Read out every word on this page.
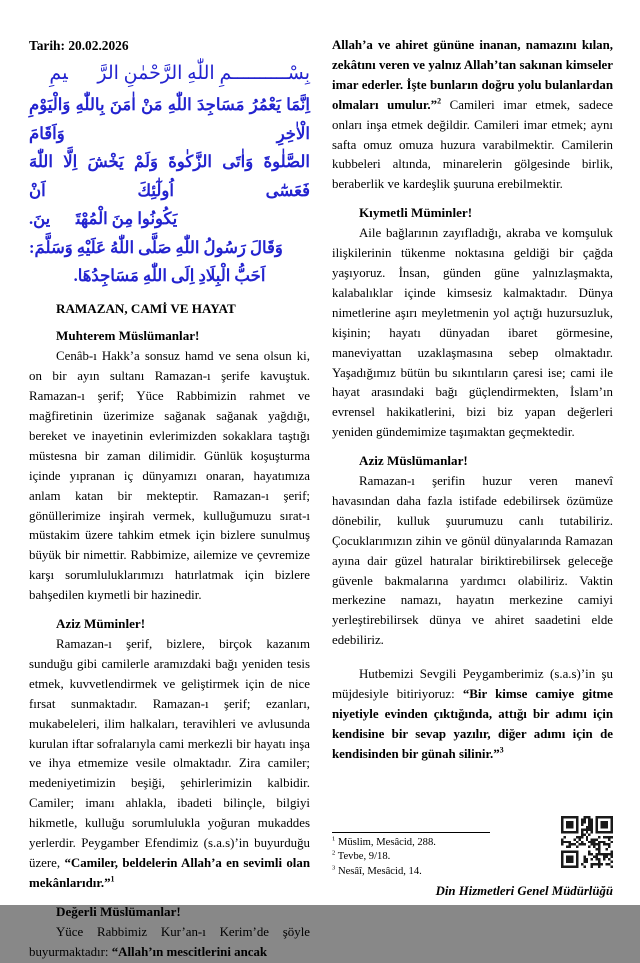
Tarih: 20.02.2026
بِسْــــــــــمِ اللّٰهِ الرَّحْمٰنِ الرَّح۪يمِ
اِنَّمَا يَعْمُرُ مَسَاجِدَ اللّٰهِ مَنْ اٰمَنَ بِاللّٰهِ وَالْيَوْمِ الْاٰخِرِ وَاَقَامَ
الصَّلٰوةَ وَاٰتَى الزَّكٰوةَ وَلَمْ يَخْشَ اِلَّا اللّٰهَ فَعَسٰٓى اُولٰٓئِكَ اَنْ
يَكُونُوا مِنَ الْمُهْتَدٖينَ.
وَقَالَ رَسُولُ اللّٰهِ صَلَّى اللّٰهُ عَلَيْهِ وَسَلَّمَ:
اَحَبُّ الْبِلَادِ اِلَى اللّٰهِ مَسَاجِدُهَا.
RAMAZAN, CAMİ VE HAYAT
Muhterem Müslümanlar!
Cenâb-ı Hakk’a sonsuz hamd ve sena olsun ki, on bir ayın sultanı Ramazan-ı şerife kavuştuk. Ramazan-ı şerif; Yüce Rabbimizin rahmet ve mağfiretinin üzerimize sağanak sağanak yağdığı, bereket ve inayetinin evlerimizden sokaklara taştığı müstesna bir zaman dilimidir. Günlük koşuşturma içinde yıpranan iç dünyamızı onaran, hayatımıza anlam katan bir mekteptir. Ramazan-ı şerif; gönüllerimize inşirah vermek, kulluğumuzu sırat-ı müstakim üzere tahkim etmek için bizlere sunulmuş büyük bir nimettir. Rabbimize, ailemize ve çevremize karşı sorumluluklarımızı hatırlatmak için bizlere bahşedilen kıymetli bir hazinedir.
Aziz Müminler!
Ramazan-ı şerif, bizlere, birçok kazanım sunduğu gibi camilerle aramızdaki bağı yeniden tesis etmek, kuvvetlendirmek ve geliştirmek için de nice fırsat sunmaktadır. Ramazan-ı şerif; ezanları, mukabeleleri, ilim halkaları, teravihleri ve avlusunda kurulan iftar sofralarıyla cami merkezli bir hayatı inşa ve ihya etmemize vesile olmaktadır. Zira camiler; medeniyetimizin beşiği, şehirlerimizin kalbidir. Camiler; imanı ahlakla, ibadeti bilinçle, bilgiyi hikmetle, kulluğu sorumlulukla yoğuran mukaddes yerlerdir. Peygamber Efendimiz (s.a.s)’in buyurduğu üzere, “Camiler, beldelerin Allah’a en sevimli olan mekânlarıdır.”$^1$
Değerli Müslümanlar!
Yüce Rabbimiz Kur’an-ı Kerim’de şöyle buyurmaktadır: “Allah’ın mescitlerini ancak
Allah’a ve ahiret gününe inanan, namazını kılan, zekâtını veren ve yalnız Allah’tan sakınan kimseler imar ederler. İşte bunların doğru yolu bulanlardan olmaları umulur.”$^2$ Camileri imar etmek, sadece onları inşa etmek değildir. Camileri imar etmek; aynı safta omuz omuza huzura varabilmektir. Camilerin kubbeleri altında, minarelerin gölgesinde birlik, beraberlik ve kardeşlik şuuruna erebilmektir.
Kıymetli Müminler!
Aile bağlarının zayıfladığı, akraba ve komşuluk ilişkilerinin tükenme noktasına geldiği bir çağda yaşıyoruz. İnsan, günden güne yalnızlaşmakta, kalabalıklar içinde kimsesiz kalmaktadır. Dünya nimetlerine aşırı meyletmenin yol açtığı huzursuzluk, kişinin; hayatı dünyadan ibaret görmesine, maneviyattan uzaklaşmasına sebep olmaktadır. Yaşadığımız bütün bu sıkıntıların çaresi ise; cami ile hayat arasındaki bağı güçlendirmekten, İslam’ın evrensel hakikatlerini, bizi biz yapan değerleri yeniden gündemimize taşımaktan geçmektedir.
Aziz Müslümanlar!
Ramazan-ı şerifin huzur veren manevî havasından daha fazla istifade edebilirsek özümüze dönebilir, kulluk şuurumuzu canlı tutabiliriz. Çocuklarımızın zihin ve gönül dünyalarında Ramazan ayına dair güzel hatıralar biriktirebilirsek geleceğe güvenle bakmalarına yardımcı olabiliriz. Vaktin merkezine namazı, hayatın merkezine camiyi yerleştirebilirsek dünya ve ahiret saadetini elde edebiliriz.
Hutbemizi Sevgili Peygamberimiz (s.a.s)’in şu müjdesiyle bitiriyoruz: “Bir kimse camiye gitme niyetiyle evinden çıktığında, attığı bir adımı için kendisine bir sevap yazılır, diğer adımı için de kendisinden bir günah silinir.”$^3$
$^1$ Müslim, Mesâcid, 288.
$^2$ Tevbe, 9/18.
$^3$ Nesâî, Mesâcid, 14.
Din Hizmetleri Genel Müdürlüğü
